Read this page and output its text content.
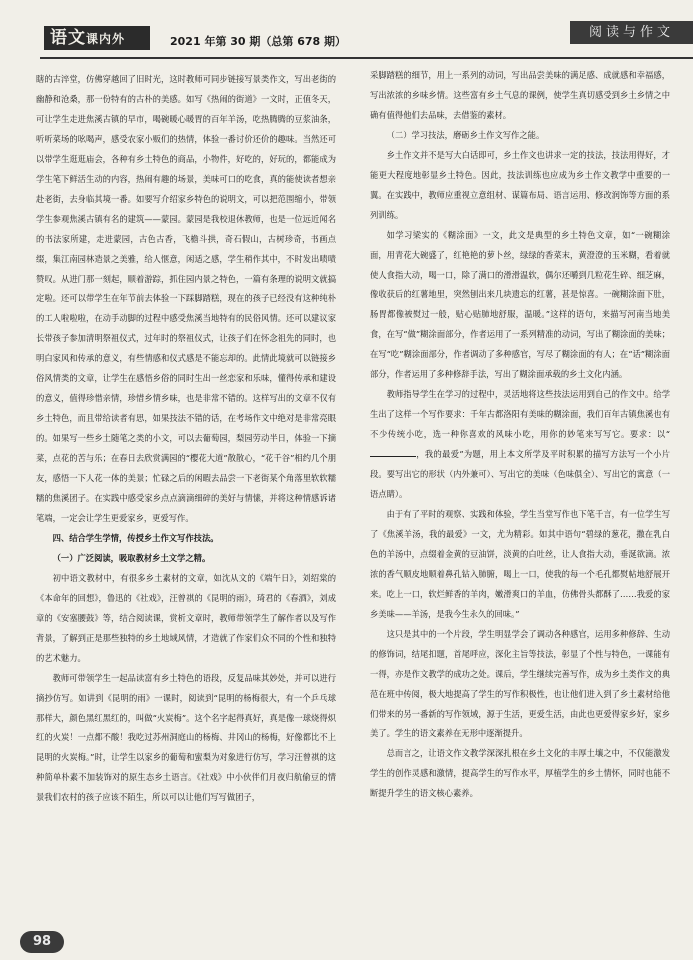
语文课内外	2021 年第 30 期（总第 678 期）
阅读与作文

瞎的古淬堂，仿佛穿越回了旧时光，这时教师可同步链接写景类作文，写出老街的幽静和沧桑，那一份特有的古朴的美感。如写《热闹的街道》一文时，正值冬天，可让学生走进焦溪古镇的早市，喝碗暖心暖胃的百年羊汤，吃热腾腾的豆浆油条，听听菜场的吆喝声，感受农家小贩们的热情，体验一番讨价还价的趣味。当然还可以带学生逛逛庙会，各种有乡土特色的商品，小物件，好吃的，好玩的，都能成为学生笔下鲜活生动的内容，热闹有趣的场景，美味可口的吃食，真的能使读者想亲赴老街，去身临其境一番。如要写介绍家乡特色的说明文，可以把范围缩小，带领学生参观焦溪古镇有名的建筑——蒙园。蒙园是我校退休教师，也是一位远近闻名的书法家所建，走进蒙园，古色古香，飞檐斗拱，奇石假山，古树珍奇，书画点缀，集江南园林造景之美雅，给人惬意，闲适之感，学生稍作其中，不时发出啧啧赞叹。从进门那一刻起，顺着游踪，抓住园内景之特色，一篇有条理的说明文就搞定啦。还可以带学生在年节前去体验一下踩脚踏糕，现在的孩子已经没有这种纯朴的工人啦啦啦，在动手动脚的过程中感受焦溪当地特有的民俗风情。还可以建议家长带孩子参加清明祭祖仪式，过年时的祭祖仪式，让孩子们在怀念祖先的同时，也明白家风和传承的意义，有些情感和仪式感是不能忘却的。此情此境就可以链接乡俗风情类的文章，让学生在感悟乡俗的同时生出一丝恋家和乐味，懂得传承和建设的意义，值得珍惜亲情，珍惜乡情乡味，也是非常不错的。这样写出的文章不仅有乡土特色，而且带给读者有思，如果技法不错的话，在考场作文中绝对是非常亮眼的。如果写一些乡土随笔之类的小文，可以去葡萄园，梨园劳动半日，体验一下摘菜，点花的苦与乐；在春日去欣赏满园的“樱花大道”散散心，“花千谷”相约几个朋友，感悟一下人花一体的美景；忙碌之后的闲暇去品尝一下老街某个角落里软软糯糯的焦溪团子。在实践中感受家乡点点滴滴细碎的美好与情愫，并将这种情感诉诸笔端，一定会让学生更爱家乡，更爱写作。

四、结合学生学情，传授乡土作文写作技法。

（一）广泛阅读，吸取教材乡土文学之精。

初中语文教材中，有很多乡土素材的文章，如沈从文的《端午日》，刘绍棠的《本命年的回想》，鲁迅的《社戏》，汪曾祺的《昆明的雨》，琦君的《春酒》，刘成章的《安塞腰鼓》等，结合阅读课，赏析文章时，教师带领学生了解作者以及写作背景，了解到正是那些独特的乡土地域风情，才造就了作家们众不同的个性和独特的艺术魅力。

教师可带领学生一起品读富有乡土特色的语段，反复品味其妙处，并可以进行摘抄仿写。如讲到《昆明的雨》一课时，阅读到“昆明的杨梅很大，有一个乒乓球那样大，颜色黑红黑红的，叫做“火炭梅”。这个名字起得真好，真是像一球烧得炽红的火炭！一点都不酸！我吃过苏州洞庭山的杨梅、井冈山的杨梅，好像都比不上昆明的火炭梅。”时，让学生以家乡的葡萄和蜜梨为对象进行仿写，学习汪曾祺的这种简单朴素不加装饰对的原生态乡土语言。《社戏》中小伙伴们月夜归航偷豆的情景我们农村的孩子应该不陌生，所以可以让他们写写做团子，

采脚踏糕的细节，用上一系列的动词，写出品尝美味的满足感、成就感和幸福感，写出浓浓的乡味乡情。这些富有乡土气息的课例，使学生真切感受到乡土乡情之中确有值得他们去品味，去借鉴的素材。

（二）学习技法，磨砺乡土作文写作之能。

乡土作文并不是写大白话即可，乡土作文也讲求一定的技法，技法用得好，才能更大程度地彰显乡土特色。因此，技法训练也应成为乡土作文教学中重要的一翼。在实践中，教师应重视立意组材、谋篇布局、语言运用、修改润饰等方面的系列训练。

如学习梁实的《糊涂面》一文，此文是典型的乡土特色文章，如“一碗糊涂面，用青花大碗盛了，红艳艳的萝卜丝，绿绿的香菜末，黄澄澄的玉米糊，看着就使人食指大动，喝一口，除了满口的滑滑温软，偶尔还嚼到几粒花生碎、细芝麻，像收获后的红薯地里，突然刨出来几块遗忘的红薯，甚是惊喜。一碗糊涂面下肚，肠胃都像被熨过一般，贴心贴肺地舒服，温暖。”这样的语句，来描写河南当地美食，在写“做”糊涂面部分，作者运用了一系列精准的动词，写出了糊涂面的美味；在写“吃”糊涂面部分，作者调动了多种感官，写尽了糊涂面的有人；在“话”糊涂面部分，作者运用了多种修辞手法，写出了糊涂面承载的乡土文化内涵。

教师指导学生在学习的过程中，灵活地将这些技法运用到自己的作文中。给学生出了这样一个写作要求：千年古都洛阳有美味的糊涂面，我们百年古镇焦溪也有不少传统小吃，选一种你喜欢的风味小吃，用你的妙笔来写写它。要求：以“，我的最爱”为题，用上本文所学及平时积累的描写方法写一个小片段。要写出它的形状（内外兼可）、写出它的美味（色味俱全）、写出它的寓意（一语点睛）。

由于有了平时的观察、实践和体验，学生当堂写作也下笔千言，有一位学生写了《焦溪羊汤，我的最爱》一文，尤为精彩。如其中语句“碧绿的葱花，撒在乳白色的羊汤中，点缀着金黄的豆油饼，淡黄的白吐丝，让人食指大动，垂涎欲滴。浓浓的香气顺皮地顺着鼻孔钻入肺腑，喝上一口，使我的每一个毛孔都熨帖地舒展开来。吃上一口，软烂鲜香的羊肉，嫩滑爽口的羊血，仿佛骨头都酥了……我爱的家乡美味——羊汤，是我今生永久的回味。”

这只是其中的一个片段，学生明显学会了调动各种感官，运用多种修辞、生动的修饰词，结尾扣题，首尾呼应，深化主旨等技法，彰显了个性与特色，一课能有一得，亦是作文教学的成功之处。课后，学生继续完善写作，成为乡土类作文的典范在班中传阅，极大地提高了学生的写作积极性，也让他们进入到了乡土素材给他们带来的另一番新的写作领域，源于生活，更爱生活，由此也更爱得家乡好，家乡美了。学生的语文素养在无形中逐渐提升。

总而言之，让语文作文教学深深扎根在乡土文化的丰厚土壤之中，不仅能激发学生的创作灵感和激情，提高学生的写作水平，厚植学生的乡土情怀，同时也能不断提升学生的语文核心素养。

98
